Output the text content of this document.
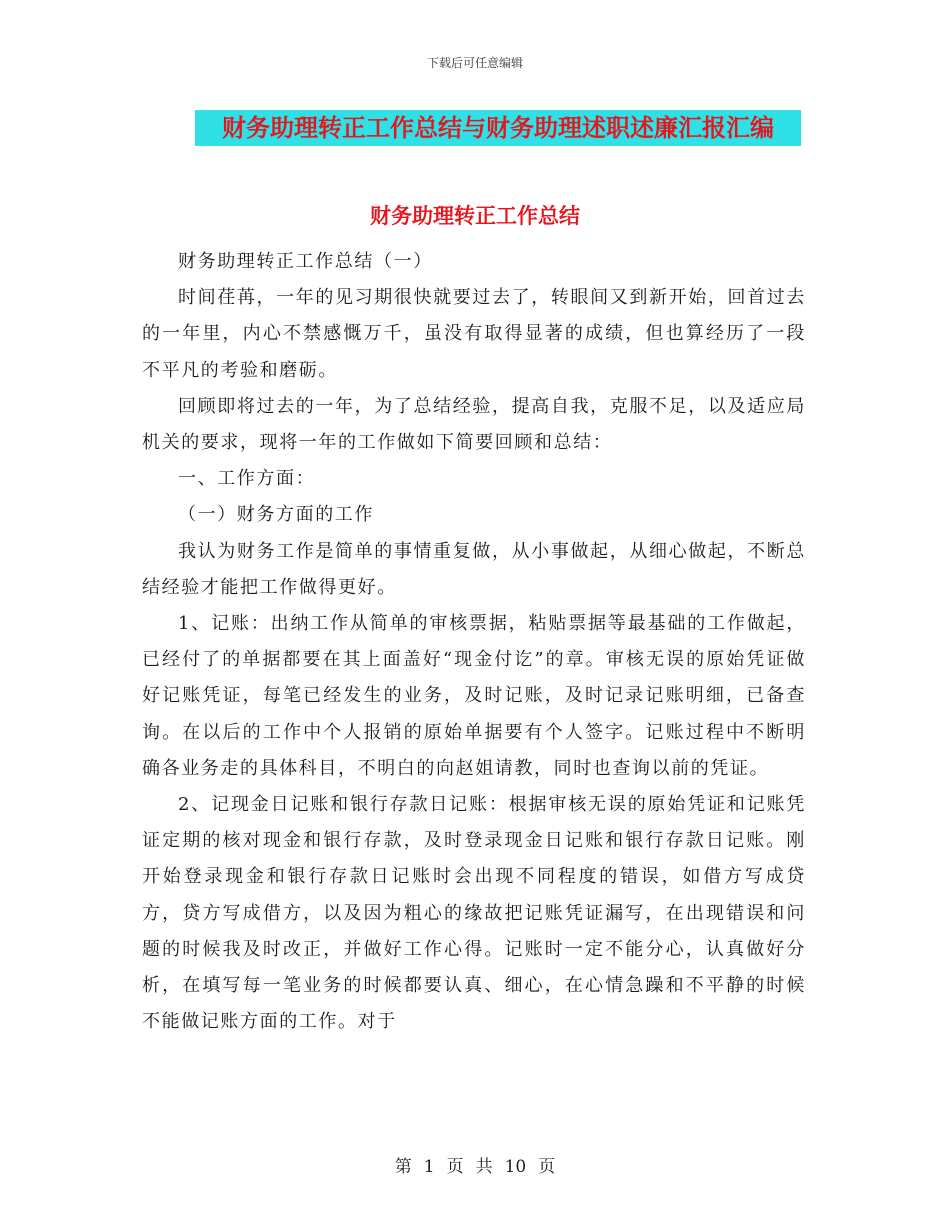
下载后可任意编辑
财务助理转正工作总结与财务助理述职述廉汇报汇编
财务助理转正工作总结

财务助理转正工作总结（一）

时间荏苒，一年的见习期很快就要过去了，转眼间又到新开始，回首过去的一年里，内心不禁感慨万千，虽没有取得显著的成绩，但也算经历了一段不平凡的考验和磨砺。

回顾即将过去的一年，为了总结经验，提高自我，克服不足，以及适应局机关的要求，现将一年的工作做如下简要回顾和总结：

一、工作方面：

（一）财务方面的工作

我认为财务工作是简单的事情重复做，从小事做起，从细心做起，不断总结经验才能把工作做得更好。

1、记账：出纳工作从简单的审核票据，粘贴票据等最基础的工作做起，已经付了的单据都要在其上面盖好“现金付讫”的章。审核无误的原始凭证做好记账凭证，每笔已经发生的业务，及时记账，及时记录记账明细，已备查询。在以后的工作中个人报销的原始单据要有个人签字。记账过程中不断明确各业务走的具体科目，不明白的向赵姐请教，同时也查询以前的凭证。

2、记现金日记账和银行存款日记账：根据审核无误的原始凭证和记账凭证定期的核对现金和银行存款，及时登录现金日记账和银行存款日记账。刚开始登录现金和银行存款日记账时会出现不同程度的错误，如借方写成贷方，贷方写成借方，以及因为粗心的缘故把记账凭证漏写，在出现错误和问题的时候我及时改正，并做好工作心得。记账时一定不能分心，认真做好分析，在填写每一笔业务的时候都要认真、细心，在心情急躁和不平静的时候不能做记账方面的工作。对于

第 1 页 共 10 页
